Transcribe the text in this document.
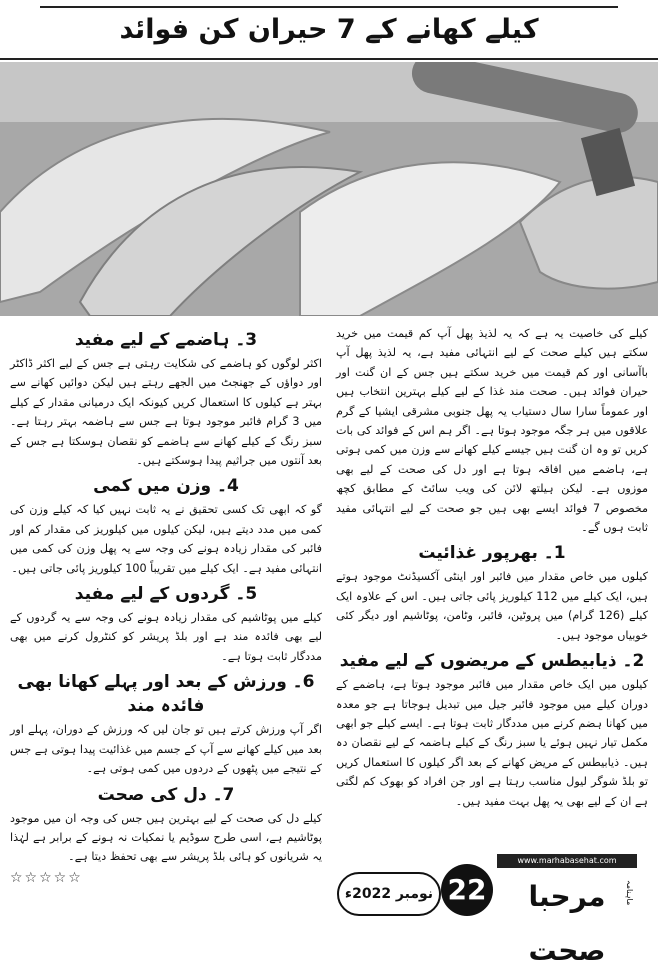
کیلے کھانے کے 7 حیران کن فوائد

کیلے کی خاصیت یہ ہے کہ یہ لذیذ پھل آپ کم قیمت میں خرید سکتے ہیں کیلے صحت کے لیے انتہائی مفید ہے، یہ لذیذ پھل آپ باآسانی اور کم قیمت میں خرید سکتے ہیں جس کے ان گنت اور حیران فوائد ہیں۔ صحت مند غذا کے لیے کیلے بہترین انتخاب ہیں اور عموماً سارا سال دستیاب یہ پھل جنوبی مشرقی ایشیا کے گرم علاقوں میں ہر جگہ موجود ہوتا ہے۔ اگر ہم اس کے فوائد کی بات کریں تو وہ ان گنت ہیں جیسے کیلے کھانے سے وزن میں کمی ہوتی ہے، ہاضمے میں افاقہ ہوتا ہے اور دل کی صحت کے لیے بھی موزوں ہے۔ لیکن ہیلتھ لائن کی ویب سائٹ کے مطابق کچھ مخصوص 7 فوائد ایسے بھی ہیں جو صحت کے لیے انتہائی مفید ثابت ہوں گے۔

1۔ بھرپور غذائیت

کیلوں میں خاص مقدار میں فائبر اور اینٹی آکسیڈنٹ موجود ہوتے ہیں، ایک کیلے میں 112 کیلوریز پائی جاتی ہیں۔ اس کے علاوہ ایک کیلے (126 گرام) میں پروٹین، فائبر، وٹامن، پوٹاشیم اور دیگر کئی خوبیاں موجود ہیں۔

2۔ ذیابیطس کے مریضوں کے لیے مفید

کیلوں میں ایک خاص مقدار میں فائبر موجود ہوتا ہے، ہاضمے کے دوران کیلے میں موجود فائبر جیل میں تبدیل ہوجاتا ہے جو معدہ میں کھانا ہضم کرنے میں مددگار ثابت ہوتا ہے۔ ایسے کیلے جو ابھی مکمل تیار نہیں ہوئے یا سبز رنگ کے کیلے ہاضمہ کے لیے نقصان دہ ہیں۔ ذیابیطس کے مریض کھانے کے بعد اگر کیلوں کا استعمال کریں تو بلڈ شوگر لیول مناسب رہتا ہے اور جن افراد کو بھوک کم لگتی ہے ان کے لیے بھی یہ پھل بہت مفید ہیں۔

3۔ ہاضمے کے لیے مفید

اکثر لوگوں کو ہاضمے کی شکایت رہتی ہے جس کے لیے اکثر ڈاکٹر اور دواؤں کے جھنجٹ میں الجھے رہتے ہیں لیکن دوائیں کھانے سے بہتر ہے کیلوں کا استعمال کریں کیونکہ ایک درمیانی مقدار کے کیلے میں 3 گرام فائبر موجود ہوتا ہے جس سے ہاضمہ بہتر رہتا ہے۔ سبز رنگ کے کیلے کھانے سے ہاضمے کو نقصان ہوسکتا ہے جس کے بعد آنتوں میں جراثیم پیدا ہوسکتے ہیں۔

4۔ وزن میں کمی

گو کہ ابھی تک کسی تحقیق نے یہ ثابت نہیں کیا کہ کیلے وزن کی کمی میں مدد دیتے ہیں، لیکن کیلوں میں کیلوریز کی مقدار کم اور فائبر کی مقدار زیادہ ہونے کی وجہ سے یہ پھل وزن کی کمی میں انتہائی مفید ہے۔ ایک کیلے میں تقریباً 100 کیلوریز پائی جاتی ہیں۔

5۔ گردوں کے لیے مفید

کیلے میں پوٹاشیم کی مقدار زیادہ ہونے کی وجہ سے یہ گردوں کے لیے بھی فائدہ مند ہے اور بلڈ پریشر کو کنٹرول کرنے میں بھی مددگار ثابت ہوتا ہے۔

6۔ ورزش کے بعد اور پہلے کھانا بھی فائدہ مند

اگر آپ ورزش کرتے ہیں تو جان لیں کہ ورزش کے دوران، پہلے اور بعد میں کیلے کھانے سے آپ کے جسم میں غذائیت پیدا ہوتی ہے جس کے نتیجے میں پٹھوں کے دردوں میں کمی ہوتی ہے۔

7۔ دل کی صحت

کیلے دل کی صحت کے لیے بہترین ہیں جس کی وجہ ان میں موجود پوٹاشیم ہے، اسی طرح سوڈیم یا نمکیات نہ ہونے کے برابر ہے لہٰذا یہ شریانوں کو ہائی بلڈ پریشر سے بھی تحفظ دیتا ہے۔

☆☆☆☆☆
www.marhabasehat.com
مرحبا صحت
ماہنامہ
22
نومبر 2022ء
